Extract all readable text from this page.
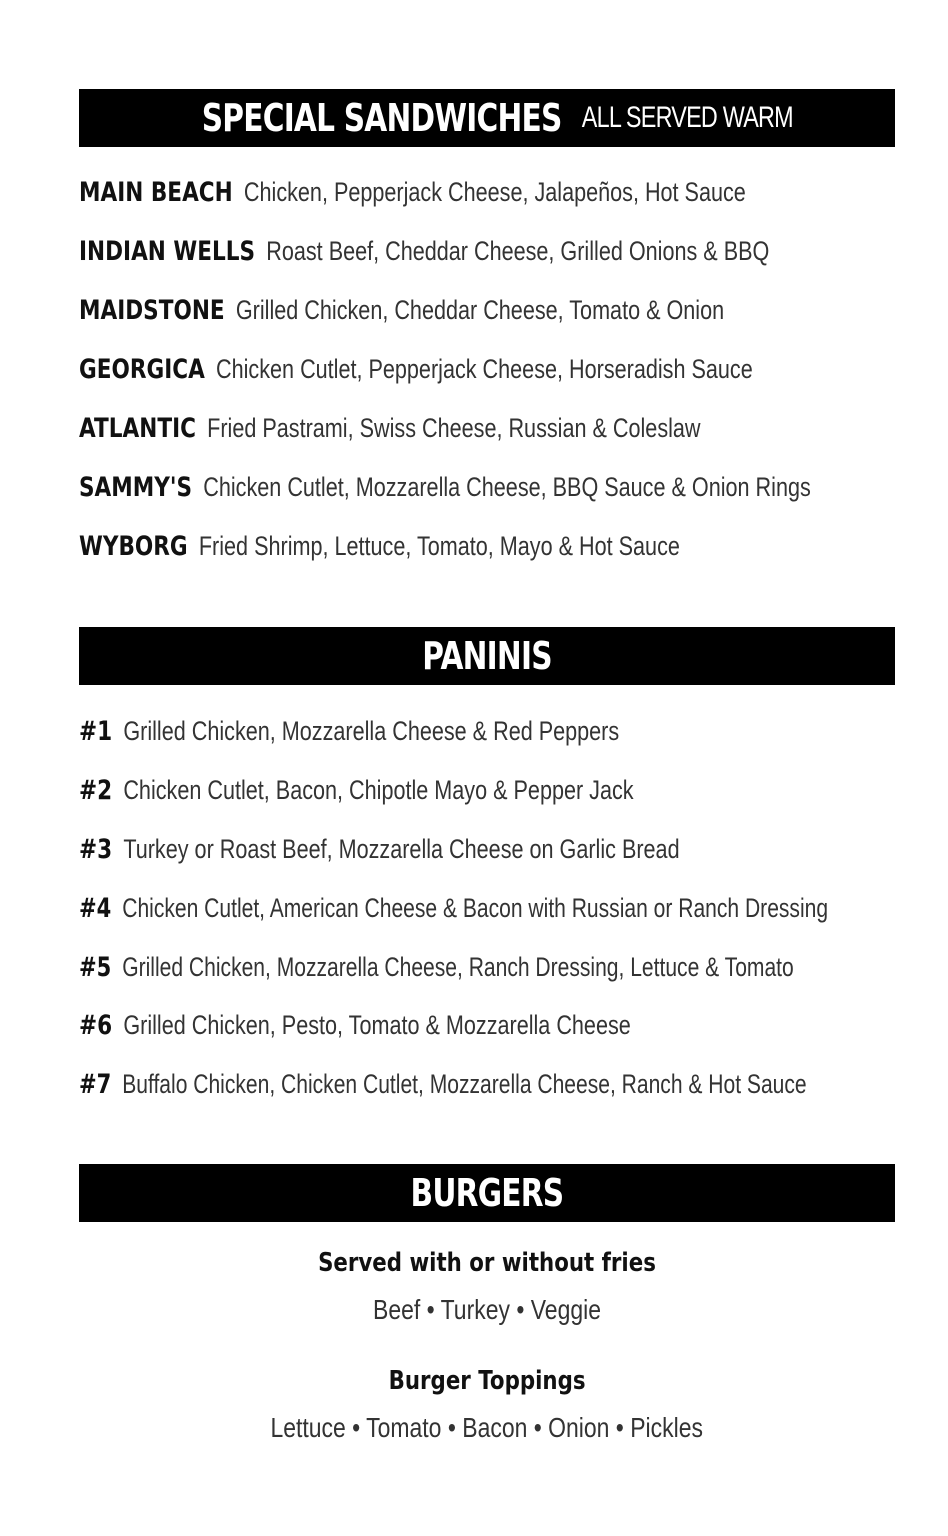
SPECIAL SANDWICHES ALL SERVED WARM
MAIN BEACH Chicken, Pepperjack Cheese, Jalapeños, Hot Sauce
INDIAN WELLS Roast Beef, Cheddar Cheese, Grilled Onions & BBQ
MAIDSTONE Grilled Chicken, Cheddar Cheese, Tomato & Onion
GEORGICA Chicken Cutlet, Pepperjack Cheese, Horseradish Sauce
ATLANTIC Fried Pastrami, Swiss Cheese, Russian & Coleslaw
SAMMY'S Chicken Cutlet, Mozzarella Cheese, BBQ Sauce & Onion Rings
WYBORG Fried Shrimp, Lettuce, Tomato, Mayo & Hot Sauce
PANINIS
#1 Grilled Chicken, Mozzarella Cheese & Red Peppers
#2 Chicken Cutlet, Bacon, Chipotle Mayo & Pepper Jack
#3 Turkey or Roast Beef, Mozzarella Cheese on Garlic Bread
#4 Chicken Cutlet, American Cheese & Bacon with Russian or Ranch Dressing
#5 Grilled Chicken, Mozzarella Cheese, Ranch Dressing, Lettuce & Tomato
#6 Grilled Chicken, Pesto, Tomato & Mozzarella Cheese
#7 Buffalo Chicken, Chicken Cutlet, Mozzarella Cheese, Ranch & Hot Sauce
BURGERS
Served with or without fries
Beef • Turkey • Veggie
Burger Toppings
Lettuce • Tomato • Bacon • Onion • Pickles
